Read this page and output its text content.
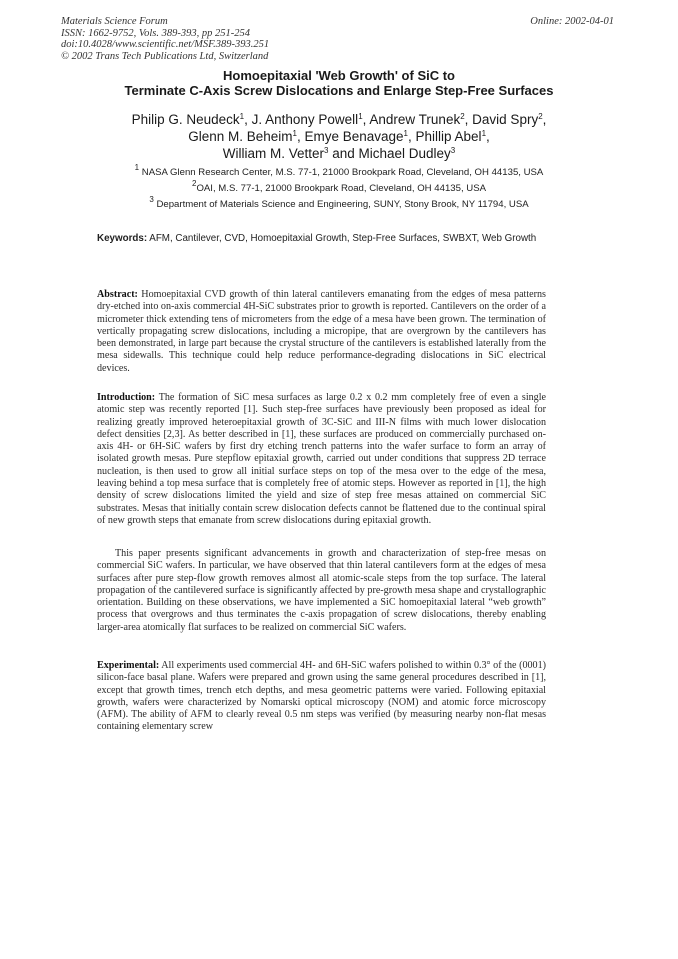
Materials Science Forum
ISSN: 1662-9752, Vols. 389-393, pp 251-254
doi:10.4028/www.scientific.net/MSF.389-393.251
© 2002 Trans Tech Publications Ltd, Switzerland
Online: 2002-04-01
Homoepitaxial 'Web Growth' of SiC to
Terminate C-Axis Screw Dislocations and Enlarge Step-Free Surfaces
Philip G. Neudeck$^1$, J. Anthony Powell$^1$, Andrew Trunek$^2$, David Spry$^2$,
Glenn M. Beheim$^1$, Emye Benavage$^1$, Phillip Abel$^1$,
William M. Vetter$^3$ and Michael Dudley$^3$
$^1$ NASA Glenn Research Center, M.S. 77-1, 21000 Brookpark Road, Cleveland, OH 44135, USA
$^2$OAI, M.S. 77-1, 21000 Brookpark Road, Cleveland, OH 44135, USA
$^3$ Department of Materials Science and Engineering, SUNY, Stony Brook, NY 11794, USA
Keywords: AFM, Cantilever, CVD, Homoepitaxial Growth, Step-Free Surfaces, SWBXT, Web Growth

Abstract: Homoepitaxial CVD growth of thin lateral cantilevers emanating from the edges of mesa patterns dry-etched into on-axis commercial 4H-SiC substrates prior to growth is reported. Cantilevers on the order of a micrometer thick extending tens of micrometers from the edge of a mesa have been grown. The termination of vertically propagating screw dislocations, including a micropipe, that are overgrown by the cantilevers has been demonstrated, in large part because the crystal structure of the cantilevers is established laterally from the mesa sidewalls. This technique could help reduce performance-degrading dislocations in SiC electrical devices.

Introduction: The formation of SiC mesa surfaces as large 0.2 x 0.2 mm completely free of even a single atomic step was recently reported [1]. Such step-free surfaces have previously been proposed as ideal for realizing greatly improved heteroepitaxial growth of 3C-SiC and III-N films with much lower dislocation defect densities [2,3]. As better described in [1], these surfaces are produced on commercially purchased on-axis 4H- or 6H-SiC wafers by first dry etching trench patterns into the wafer surface to form an array of isolated growth mesas. Pure stepflow epitaxial growth, carried out under conditions that suppress 2D terrace nucleation, is then used to grow all initial surface steps on top of the mesa over to the edge of the mesa, leaving behind a top mesa surface that is completely free of atomic steps. However as reported in [1], the high density of screw dislocations limited the yield and size of step free mesas attained on commercial SiC substrates. Mesas that initially contain screw dislocation defects cannot be flattened due to the continual spiral of new growth steps that emanate from screw dislocations during epitaxial growth.

This paper presents significant advancements in growth and characterization of step-free mesas on commercial SiC wafers. In particular, we have observed that thin lateral cantilevers form at the edges of mesa surfaces after pure step-flow growth removes almost all atomic-scale steps from the top surface. The lateral propagation of the cantilevered surface is significantly affected by pre-growth mesa shape and crystallographic orientation. Building on these observations, we have implemented a SiC homoepitaxial lateral “web growth” process that overgrows and thus terminates the c-axis propagation of screw dislocations, thereby enabling larger-area atomically flat surfaces to be realized on commercial SiC wafers.

Experimental: All experiments used commercial 4H- and 6H-SiC wafers polished to within 0.3° of the (0001) silicon-face basal plane. Wafers were prepared and grown using the same general procedures described in [1], except that growth times, trench etch depths, and mesa geometric patterns were varied. Following epitaxial growth, wafers were characterized by Nomarski optical microscopy (NOM) and atomic force microscopy (AFM). The ability of AFM to clearly reveal 0.5 nm steps was verified (by measuring nearby non-flat mesas containing elementary screw
